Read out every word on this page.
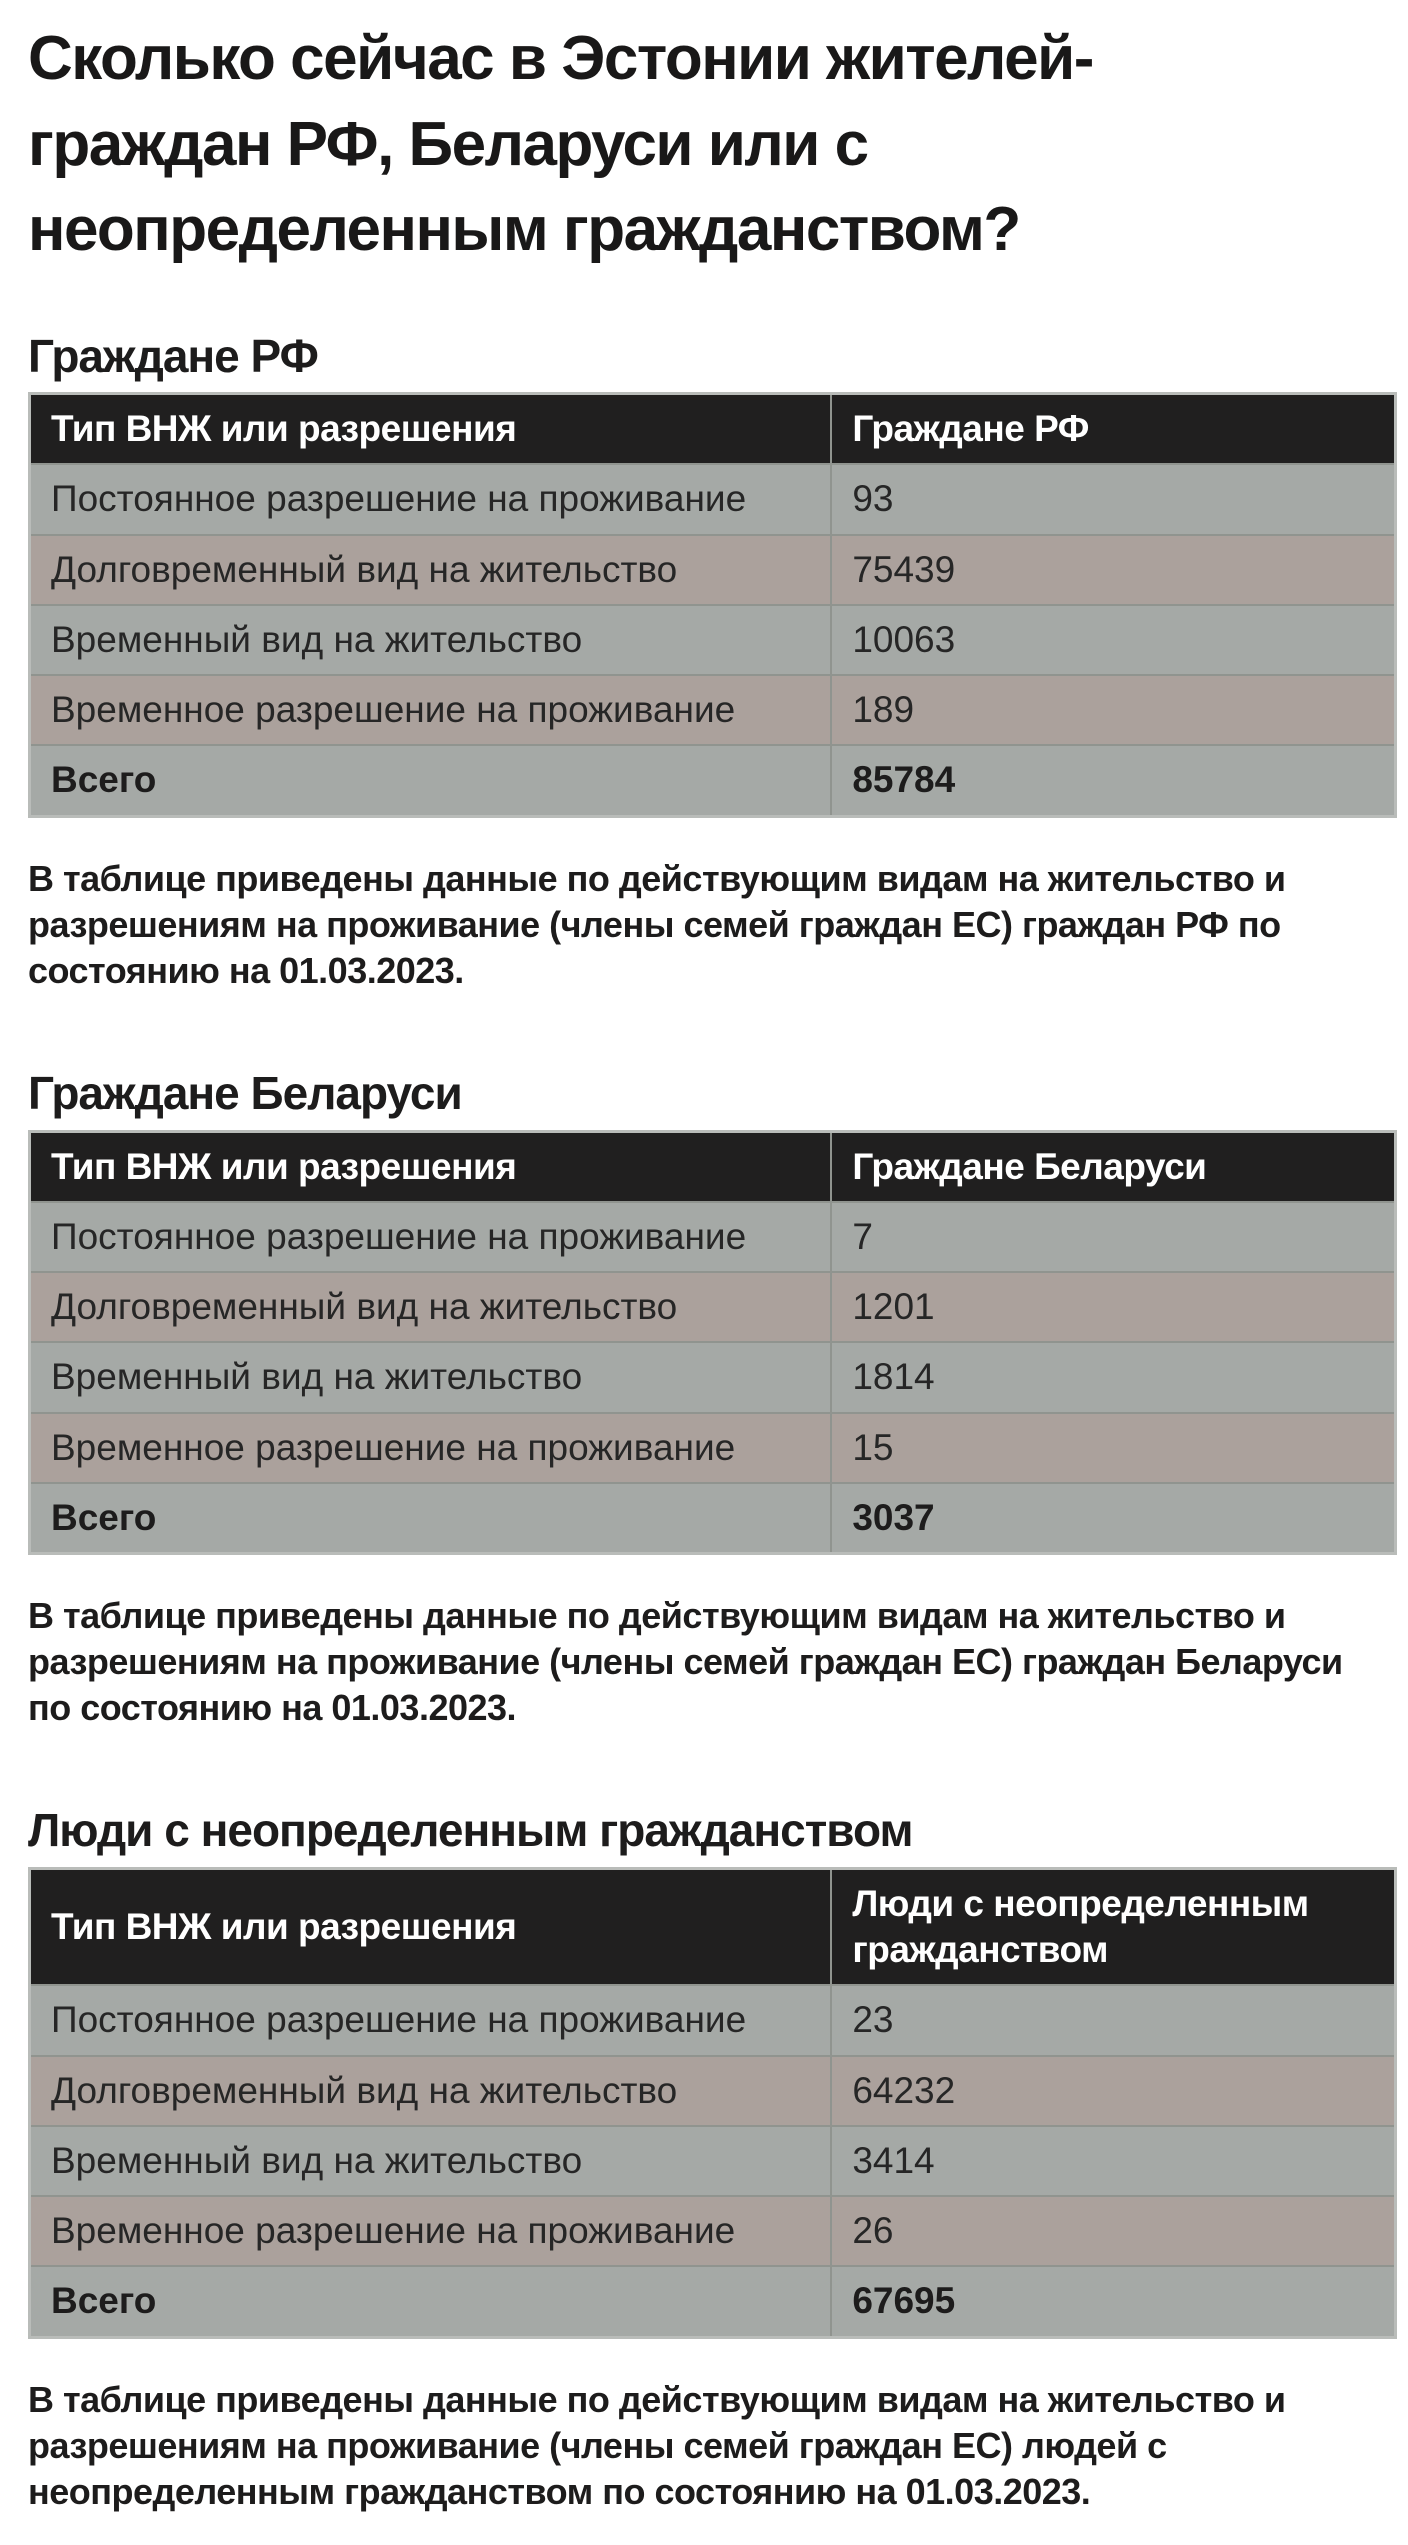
Сколько сейчас в Эстонии жителей-граждан РФ, Беларуси или с неопределенным гражданством?
Граждане РФ
Тип ВНЖ или разрешения	Граждане РФ
Постоянное разрешение на проживание	93
Долговременный вид на жительство	75439
Временный вид на жительство	10063
Временное разрешение на проживание	189
Всего	85784

В таблице приведены данные по действующим видам на жительство и разрешениям на проживание (члены семей граждан ЕС) граждан РФ по состоянию на 01.03.2023.

Граждане Беларуси
Тип ВНЖ или разрешения	Граждане Беларуси
Постоянное разрешение на проживание	7
Долговременный вид на жительство	1201
Временный вид на жительство	1814
Временное разрешение на проживание	15
Всего	3037

В таблице приведены данные по действующим видам на жительство и разрешениям на проживание (члены семей граждан ЕС) граждан Беларуси по состоянию на 01.03.2023.

Люди с неопределенным гражданством
Тип ВНЖ или разрешения	Люди с неопределенным гражданством
Постоянное разрешение на проживание	23
Долговременный вид на жительство	64232
Временный вид на жительство	3414
Временное разрешение на проживание	26
Всего	67695

В таблице приведены данные по действующим видам на жительство и разрешениям на проживание (члены семей граждан ЕС) людей с неопределенным гражданством по состоянию на 01.03.2023.
